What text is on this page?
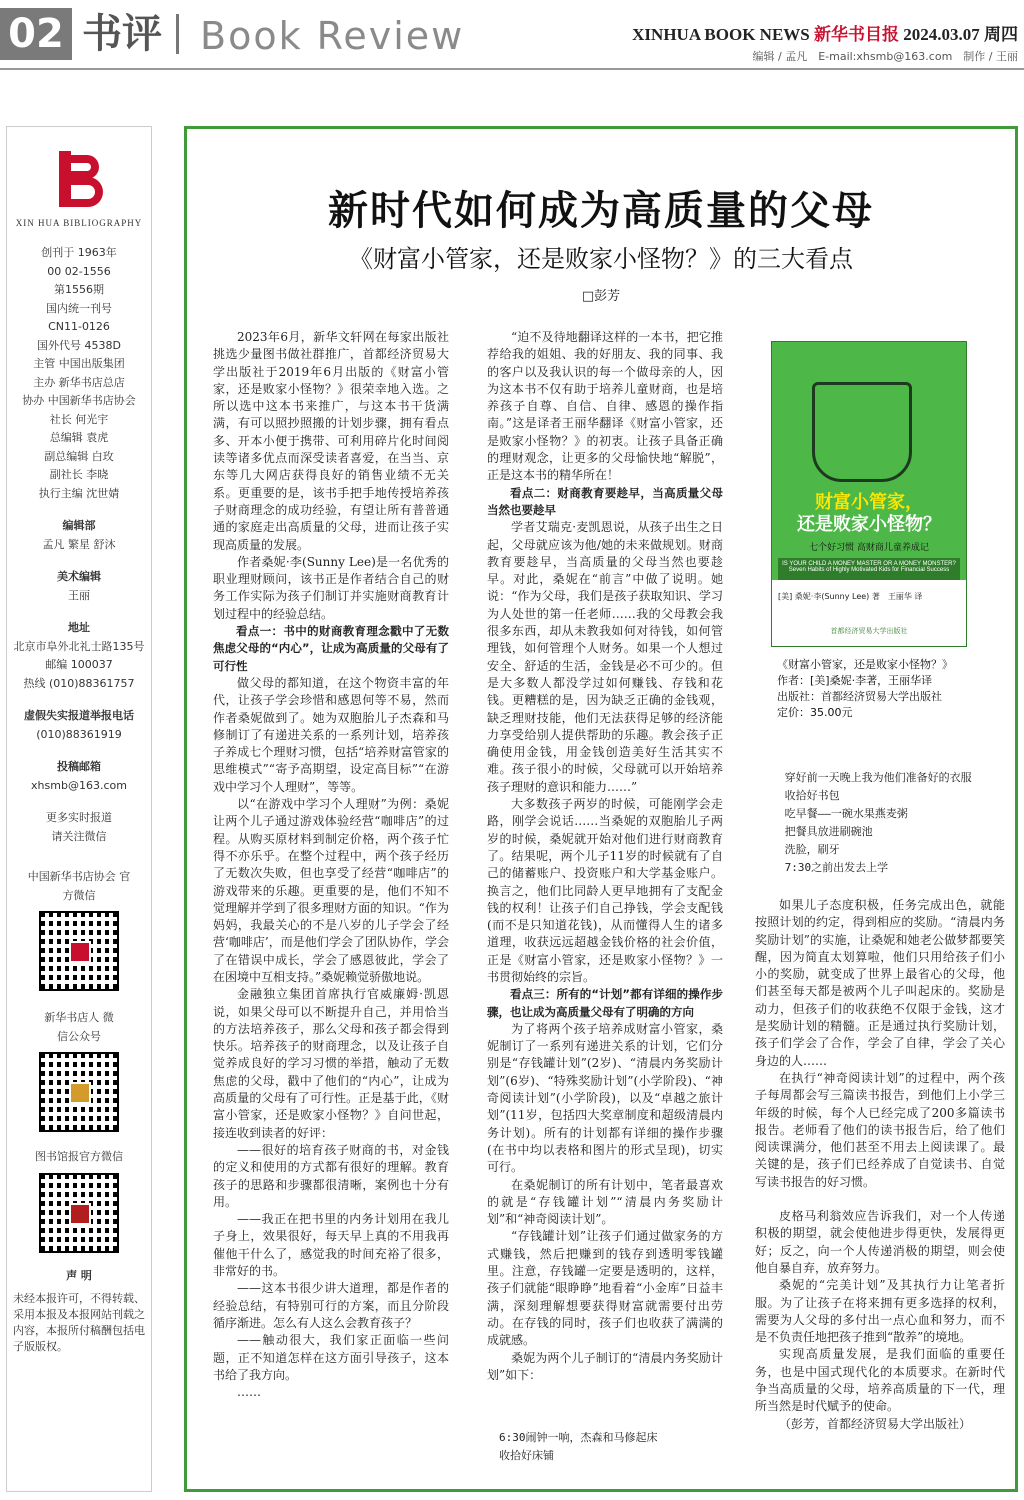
02 书评 Book Review	XINHUA BOOK NEWS 新华书目报 2024.03.07 周四
编辑 / 孟凡　E-mail:xhsmb@163.com　制作 / 王丽
XIN HUA BIBLIOGRAPHY
创刊于 1963年
00 02-1556
第1556期
国内统一刊号
CN11-0126
国外代号 4538D
主管 中国出版集团
主办 新华书店总店
协办 中国新华书店协会
社长 何光宇
总编辑 袁虎
副总编辑 白玫
副社长 李晓
执行主编 沈世婧
编辑部
孟凡 繁星 舒沐
美术编辑
王丽
地址
北京市阜外北礼士路135号
邮编 100037
热线 (010)88361757
虚假失实报道举报电话
(010)88361919
投稿邮箱
xhsmb@163.com
更多实时报道
请关注微信
中国新华书店协会 官方微信
新华书店人 微信公众号
图书馆报官方微信
声 明
未经本报许可，不得转载、采用本报及本报网站刊载之内容，本报所付稿酬包括电子版版权。
新时代如何成为高质量的父母
《财富小管家，还是败家小怪物？》的三大看点
□彭芳

2023年6月，新华文轩网在每家出版社挑选少量图书做社群推广，首都经济贸易大学出版社于2019年6月出版的《财富小管家，还是败家小怪物？》很荣幸地入选。之所以选中这本书来推广，与这本书干货满满，有可以照抄照搬的计划步骤，拥有看点多、开本小便于携带、可利用碎片化时间阅读等诸多优点而深受读者喜爱，在当当、京东等几大网店获得良好的销售业绩不无关系。更重要的是，该书手把手地传授培养孩子财商理念的成功经验，有望让所有普普通通的家庭走出高质量的父母，进而让孩子实现高质量的发展。

作者桑妮·李(Sunny Lee)是一名优秀的职业理财顾问，该书正是作者结合自己的财务工作实际为孩子们制订并实施财商教育计划过程中的经验总结。

看点一：书中的财商教育理念戳中了无数焦虑父母的“内心”，让成为高质量的父母有了可行性

做父母的都知道，在这个物资丰富的年代，让孩子学会珍惜和感恩何等不易，然而作者桑妮做到了。她为双胞胎儿子杰森和马修制订了有递进关系的一系列计划，培养孩子养成七个理财习惯，包括“培养财富管家的思维模式”“寄予高期望，设定高目标”“在游戏中学习个人理财”，等等。

以“在游戏中学习个人理财”为例：桑妮让两个儿子通过游戏体验经营“咖啡店”的过程。从购买原材料到制定价格，两个孩子忙得不亦乐乎。在整个过程中，两个孩子经历了无数次失败，但也享受了经营“咖啡店”的游戏带来的乐趣。更重要的是，他们不知不觉理解并学到了很多理财方面的知识。“作为妈妈，我最关心的不是八岁的儿子学会了经营‘咖啡店’，而是他们学会了团队协作，学会了在错误中成长，学会了感恩彼此，学会了在困境中互相支持。”桑妮赖觉骄傲地说。

金融独立集团首席执行官威廉姆·凯恩说，如果父母可以不断提升自己，并用恰当的方法培养孩子，那么父母和孩子都会得到快乐。培养孩子的财商理念，以及让孩子自觉养成良好的学习习惯的举措，触动了无数焦虑的父母，戳中了他们的“内心”，让成为高质量的父母有了可行性。正是基于此，《财富小管家，还是败家小怪物？》自问世起，接连收到读者的好评：

——很好的培育孩子财商的书，对金钱的定义和使用的方式都有很好的理解。教育孩子的思路和步骤都很清晰，案例也十分有用。

——我正在把书里的内务计划用在我儿子身上，效果很好，每天早上真的不用我再催他干什么了，感觉我的时间充裕了很多，非常好的书。

——这本书很少讲大道理，都是作者的经验总结，有特别可行的方案，而且分阶段循序渐进。怎么有人这么会教育孩子？

——触动很大，我们家正面临一些问题，正不知道怎样在这方面引导孩子，这本书给了我方向。

……

“迫不及待地翻译这样的一本书，把它推荐给我的姐姐、我的好朋友、我的同事、我的客户以及我认识的每一个做母亲的人，因为这本书不仅有助于培养儿童财商，也是培养孩子自尊、自信、自律、感恩的操作指南。”这是译者王丽华翻译《财富小管家，还是败家小怪物？》的初衷。让孩子具备正确的理财观念，让更多的父母愉快地“解脱”，正是这本书的精华所在！

看点二：财商教育要趁早，当高质量父母当然也要趁早

学者艾瑞克·麦凯恩说，从孩子出生之日起，父母就应该为他/她的未来做规划。财商教育要趁早，当高质量的父母当然也要趁早。对此，桑妮在“前言”中做了说明。她说：“作为父母，我们是孩子获取知识、学习为人处世的第一任老师……我的父母教会我很多东西，却从未教我如何对待钱，如何管理钱，如何管理个人财务。如果一个人想过安全、舒适的生活，金钱是必不可少的。但是大多数人都没学过如何赚钱、存钱和花钱。更糟糕的是，因为缺乏正确的金钱观，缺乏理财技能，他们无法获得足够的经济能力享受给别人提供帮助的乐趣。教会孩子正确使用金钱，用金钱创造美好生活其实不难。孩子很小的时候，父母就可以开始培养孩子理财的意识和能力……”

大多数孩子两岁的时候，可能刚学会走路，刚学会说话……当桑妮的双胞胎儿子两岁的时候，桑妮就开始对他们进行财商教育了。结果呢，两个儿子11岁的时候就有了自己的储蓄账户、投资账户和大学基金账户。换言之，他们比同龄人更早地拥有了支配金钱的权利！让孩子们自己挣钱，学会支配钱(而不是只知道花钱)，从而懂得人生的诸多道理，收获远远超越金钱价格的社会价值，正是《财富小管家，还是败家小怪物？》一书贯彻始终的宗旨。

看点三：所有的“计划”都有详细的操作步骤，也让成为高质量父母有了明确的方向

为了将两个孩子培养成财富小管家，桑妮制订了一系列有递进关系的计划，它们分别是“存钱罐计划”(2岁)、“清晨内务奖励计划”(6岁)、“特殊奖励计划”(小学阶段)、“神奇阅读计划”(小学阶段)，以及“卓越之旅计划”(11岁，包括四大奖章制度和超级清晨内务计划)。所有的计划都有详细的操作步骤(在书中均以表格和图片的形式呈现)，切实可行。

在桑妮制订的所有计划中，笔者最喜欢的就是“存钱罐计划”“清晨内务奖励计划”和“神奇阅读计划”。

“存钱罐计划”让孩子们通过做家务的方式赚钱，然后把赚到的钱存到透明零钱罐里。注意，存钱罐一定要是透明的，这样，孩子们就能“眼睁睁”地看着“小金库”日益丰满，深刻理解想要获得财富就需要付出劳动。在存钱的同时，孩子们也收获了满满的成就感。

桑妮为两个儿子制订的“清晨内务奖励计划”如下：

6:30闹钟一响，杰森和马修起床
收拾好床铺
财富小管家，
还是败家小怪物？
七个好习惯 高财商儿童养成记
IS YOUR CHILD A MONEY MASTER OR A MONEY MONSTER? Seven Habits of Highly Motivated Kids for Financial Success
[美] 桑妮·李(Sunny Lee) 著　王丽华 译
首都经济贸易大学出版社
《财富小管家，还是败家小怪物？》
作者：[美]桑妮·李著，王丽华译
出版社：首都经济贸易大学出版社
定价：35.00元
穿好前一天晚上我为他们准备好的衣服
收拾好书包
吃早餐——一碗水果燕麦粥
把餐具放进刷碗池
洗脸，刷牙
7:30之前出发去上学

如果儿子态度积极，任务完成出色，就能按照计划的约定，得到相应的奖励。“清晨内务奖励计划”的实施，让桑妮和她老公做梦都要笑醒，因为简直太划算啦，他们只用给孩子们小小的奖励，就变成了世界上最省心的父母，他们甚至每天都是被两个儿子叫起床的。奖励是动力，但孩子们的收获绝不仅限于金钱，这才是奖励计划的精髓。正是通过执行奖励计划，孩子们学会了合作，学会了自律，学会了关心身边的人……

在执行“神奇阅读计划”的过程中，两个孩子每周都会写三篇读书报告，到他们上小学三年级的时候，每个人已经完成了200多篇读书报告。老师看了他们的读书报告后，给了他们阅读课满分，他们甚至不用去上阅读课了。最关键的是，孩子们已经养成了自觉读书、自觉写读书报告的好习惯。

皮格马利翁效应告诉我们，对一个人传递积极的期望，就会使他进步得更快，发展得更好；反之，向一个人传递消极的期望，则会使他自暴自弃，放弃努力。

桑妮的“完美计划”及其执行力让笔者折服。为了让孩子在将来拥有更多选择的权利，需要为人父母的多付出一点心血和努力，而不是不负责任地把孩子推到“散养”的境地。

实现高质量发展，是我们面临的重要任务，也是中国式现代化的本质要求。在新时代争当高质量的父母，培养高质量的下一代，理所当然是时代赋予的使命。

（彭芳，首都经济贸易大学出版社）
